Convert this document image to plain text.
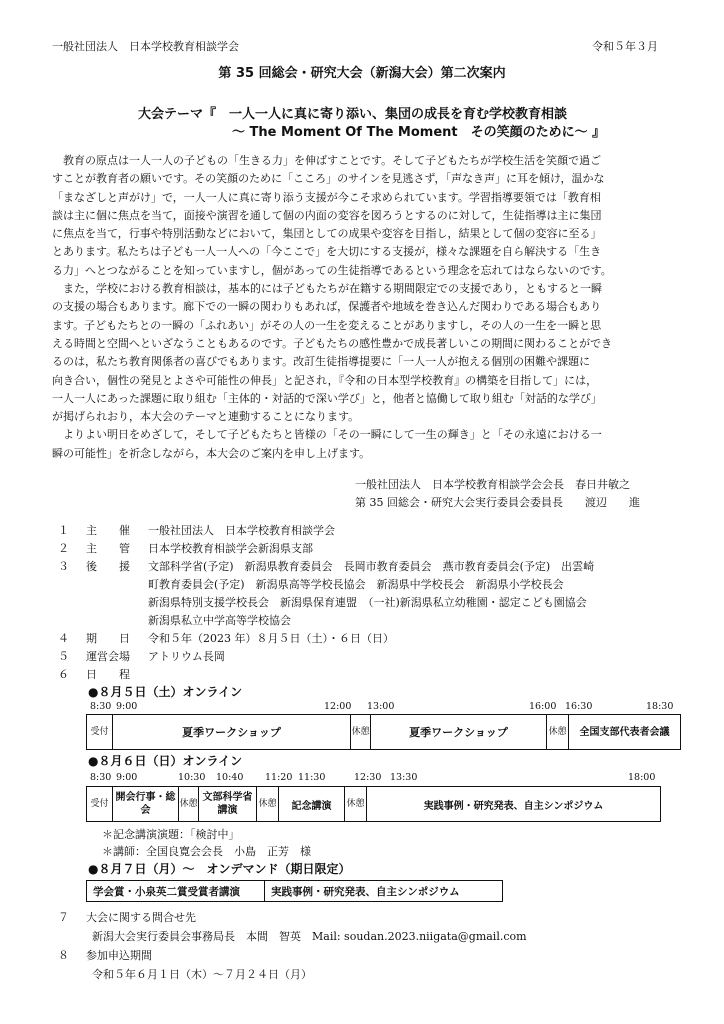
一般社団法人　日本学校教育相談学会	令和５年３月
第 35 回総会・研究大会（新潟大会）第二次案内
大会テーマ『　一人一人に真に寄り添い、集団の成長を育む学校教育相談
～ The Moment Of The Moment　その笑顔のために～ 』
　教育の原点は一人一人の子どもの「生きる力」を伸ばすことです。そして子どもたちが学校生活を笑顔で過ご
すことが教育者の願いです。その笑顔のために「こころ」のサインを見逃さず，「声なき声」に耳を傾け，温かな
「まなざしと声がけ」で，一人一人に真に寄り添う支援が今こそ求められています。学習指導要領では「教育相
談は主に個に焦点を当て，面接や演習を通して個の内面の変容を図ろうとするのに対して，生徒指導は主に集団
に焦点を当て，行事や特別活動などにおいて，集団としての成果や変容を目指し，結果として個の変容に至る」
とあります。私たちは子ども一人一人への「今ここで」を大切にする支援が，様々な課題を自ら解決する「生き
る力」へとつながることを知っていますし，個があっての生徒指導であるという理念を忘れてはならないのです。
　また，学校における教育相談は，基本的には子どもたちが在籍する期間限定での支援であり，ともすると一瞬
の支援の場合もあります。廊下での一瞬の関わりもあれば，保護者や地域を巻き込んだ関わりである場合もあり
ます。子どもたちとの一瞬の「ふれあい」がその人の一生を変えることがありますし，その人の一生を一瞬と思
える時間と空間へといざなうこともあるのです。子どもたちの感性豊かで成長著しいこの期間に関わることができ
るのは，私たち教育関係者の喜びでもあります。改訂生徒指導提要に「一人一人が抱える個別の困難や課題に
向き合い，個性の発見とよさや可能性の伸長」と記され，『令和の日本型学校教育』の構築を目指して」には，
一人一人にあった課題に取り組む「主体的・対話的で深い学び」と，他者と協働して取り組む「対話的な学び」
が掲げられおり，本大会のテーマと連動することになります。
　よりよい明日をめざして，そして子どもたちと皆様の「その一瞬にして一生の輝き」と「その永遠における一
瞬の可能性」を祈念しながら，本大会のご案内を申し上げます。
一般社団法人　日本学校教育相談学会会長　春日井敏之
第 35 回総会・研究大会実行委員会委員長　　渡辺　　進
１ 主　　催 一般社団法人　日本学校教育相談学会
２ 主　　管 日本学校教育相談学会新潟県支部
３ 後　　援 文部科学省(予定)　新潟県教育委員会　長岡市教育委員会　燕市教育委員会(予定)　出雲崎
町教育委員会(予定)　新潟県高等学校長協会　新潟県中学校長会　新潟県小学校長会
新潟県特別支援学校長会　新潟県保育連盟　（一社)新潟県私立幼稚園・認定こども園協会
新潟県私立中学高等学校協会
４ 期　　日 令和５年（2023 年）８月５日（土）・６日（日）
５ 運営会場 アトリウム長岡
６ 日　　程
●８月５日（土）オンライン
8:30 9:00	12:00 13:00	16:00 16:30	18:30
受付	夏季ワークショップ	休憩	夏季ワークショップ	休憩	全国支部代表者会議
●８月６日（日）オンライン
8:30 9:00	10:30 10:40 11:20 11:30	12:30 13:30	18:00
受付	開会行事・総会	休憩	文部科学省講演	休憩	記念講演	休憩	実践事例・研究発表、自主シンポジウム
＊記念講演演題：「検討中」
＊講師：全国良寛会会長　小島　正芳　様
●８月７日（月）～　オンデマンド（期日限定）
学会賞・小泉英二賞受賞者講演	実践事例・研究発表、自主シンポジウム
７ 大会に関する問合せ先
新潟大会実行委員会事務局長　本間　智英　Mail: soudan.2023.niigata@gmail.com
８ 参加申込期間
令和５年６月１日（木）～７月２４日（月）
